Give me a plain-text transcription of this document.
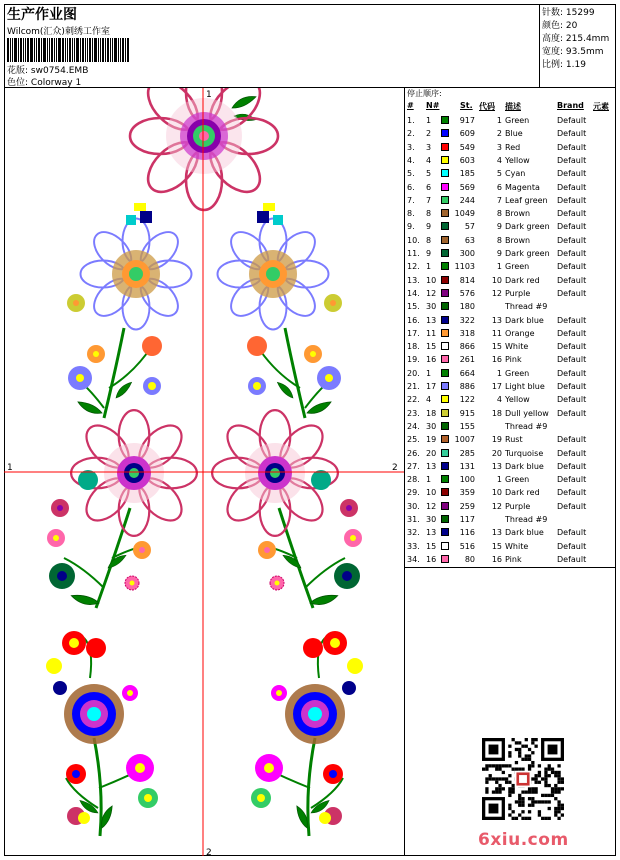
生产作业图
Wilcom(汇众)刺绣工作室
花版: sw0754.EMB
色位: Colorway 1
针数: 15299
颜色: 20
高度: 215.4mm
宽度: 93.5mm
比例: 1.19
1
2
1	2
停止顺序:
# N#	St. 代码 描述	Brand 元素
1. 1	917	1 Green	Default
2. 2	609	2 Blue	Default
3. 3	549	3 Red	Default
4. 4	603	4 Yellow	Default
5. 5	185	5 Cyan	Default
6. 6	569	6 Magenta Default
7. 7	244	7 Leaf green Default
8. 8	1049	8 Brown	Default
9. 9	57	9 Dark green Default
10. 8	63	8 Brown	Default
11. 9	300	9 Dark green Default
12. 1	1103	1 Green	Default
13. 10	814 10 Dark red Default
14. 12	576 12 Purple	Default
15. 30	180	Thread #9
16. 13	322 13 Dark blue Default
17. 11	318 11 Orange	Default
18. 15	866 15 White	Default
19. 16	261 16 Pink	Default
20. 1	664	1 Green	Default
21. 17	886 17 Light blue Default
22. 4	122	4 Yellow	Default
23. 18	915 18 Dull yellow Default
24. 30	155	Thread #9
25. 19 1007 19 Rust	Default
26. 20	285 20 Turquoise Default
27. 13	131 13 Dark blue Default
28. 1	100	1 Green	Default
29. 10	359 10 Dark red Default
30. 12	259 12 Purple	Default
31. 30	117	Thread #9
32. 13	116 13 Dark blue Default
33. 15	516 15 White	Default
34. 16	80 16 Pink	Default
6xiu.com
